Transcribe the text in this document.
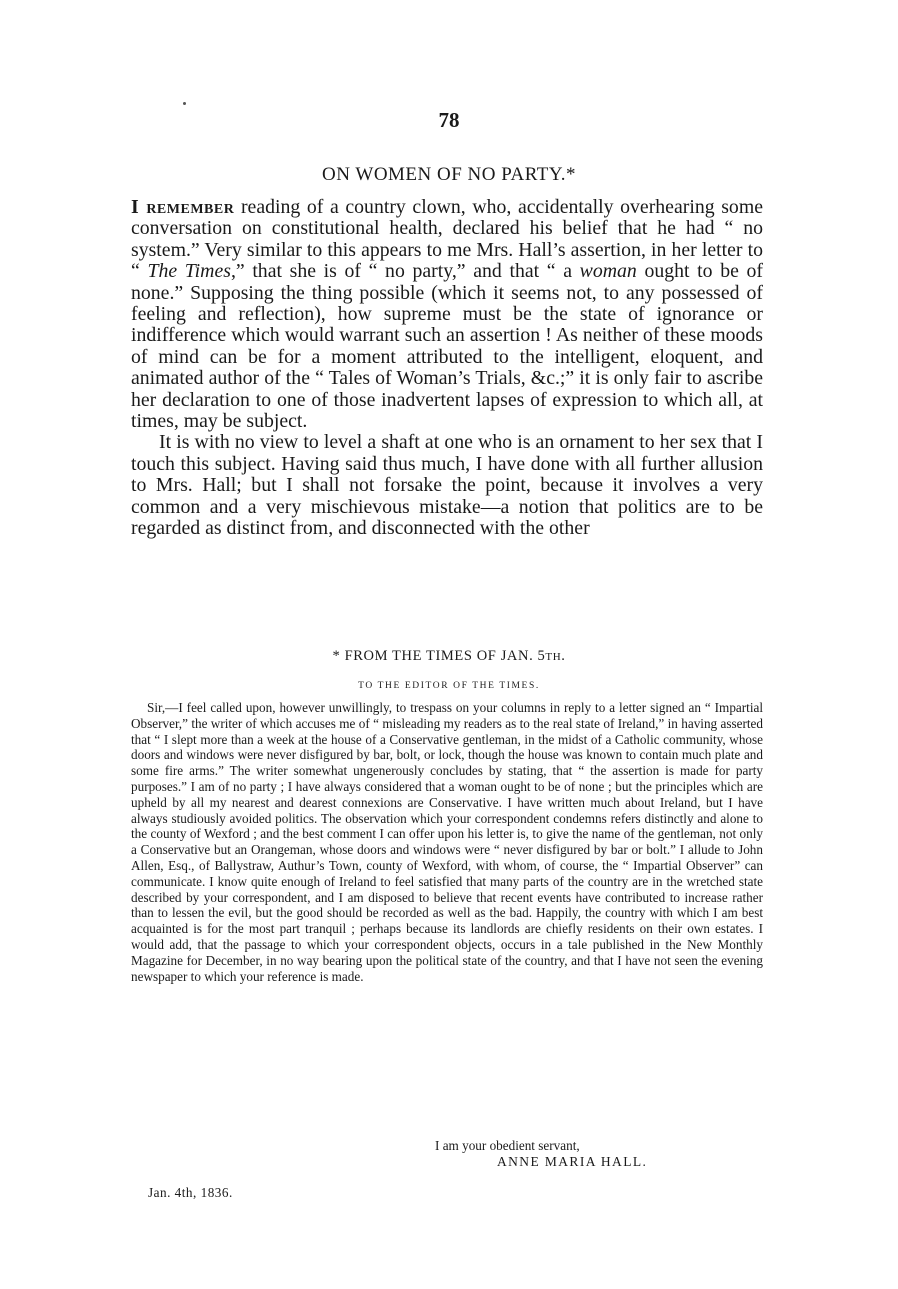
78
ON WOMEN OF NO PARTY.*

I remember reading of a country clown, who, accidentally overhearing some conversation on constitutional health, declared his belief that he had “ no system.” Very similar to this appears to me Mrs. Hall’s assertion, in her letter to “ The Times,” that she is of “ no party,” and that “ a woman ought to be of none.” Supposing the thing possible (which it seems not, to any possessed of feeling and reflection), how supreme must be the state of ignorance or indifference which would warrant such an assertion ! As neither of these moods of mind can be for a moment attributed to the intelligent, eloquent, and animated author of the “ Tales of Woman’s Trials, &c.;” it is only fair to ascribe her declaration to one of those inadvertent lapses of expression to which all, at times, may be subject.

It is with no view to level a shaft at one who is an ornament to her sex that I touch this subject. Having said thus much, I have done with all further allusion to Mrs. Hall; but I shall not forsake the point, because it involves a very common and a very mischievous mistake—a notion that politics are to be regarded as distinct from, and disconnected with the other

* FROM THE TIMES OF JAN. 5TH.
TO THE EDITOR OF THE TIMES.

Sir,—I feel called upon, however unwillingly, to trespass on your columns in reply to a letter signed an “ Impartial Observer,” the writer of which accuses me of “ misleading my readers as to the real state of Ireland,” in having asserted that “ I slept more than a week at the house of a Conservative gentleman, in the midst of a Catholic community, whose doors and windows were never disfigured by bar, bolt, or lock, though the house was known to contain much plate and some fire arms.” The writer somewhat ungenerously concludes by stating, that “ the assertion is made for party purposes.” I am of no party ; I have always considered that a woman ought to be of none ; but the principles which are upheld by all my nearest and dearest connexions are Conservative. I have written much about Ireland, but I have always studiously avoided politics. The observation which your correspondent condemns refers distinctly and alone to the county of Wexford ; and the best comment I can offer upon his letter is, to give the name of the gentleman, not only a Conservative but an Orangeman, whose doors and windows were “ never disfigured by bar or bolt.” I allude to John Allen, Esq., of Ballystraw, Authur’s Town, county of Wexford, with whom, of course, the “ Impartial Observer” can communicate. I know quite enough of Ireland to feel satisfied that many parts of the country are in the wretched state described by your correspondent, and I am disposed to believe that recent events have contributed to increase rather than to lessen the evil, but the good should be recorded as well as the bad. Happily, the country with which I am best acquainted is for the most part tranquil ; perhaps because its landlords are chiefly residents on their own estates. I would add, that the passage to which your correspondent objects, occurs in a tale published in the New Monthly Magazine for December, in no way bearing upon the political state of the country, and that I have not seen the evening newspaper to which your reference is made.

I am your obedient servant,
ANNE MARIA HALL.
Jan. 4th, 1836.
